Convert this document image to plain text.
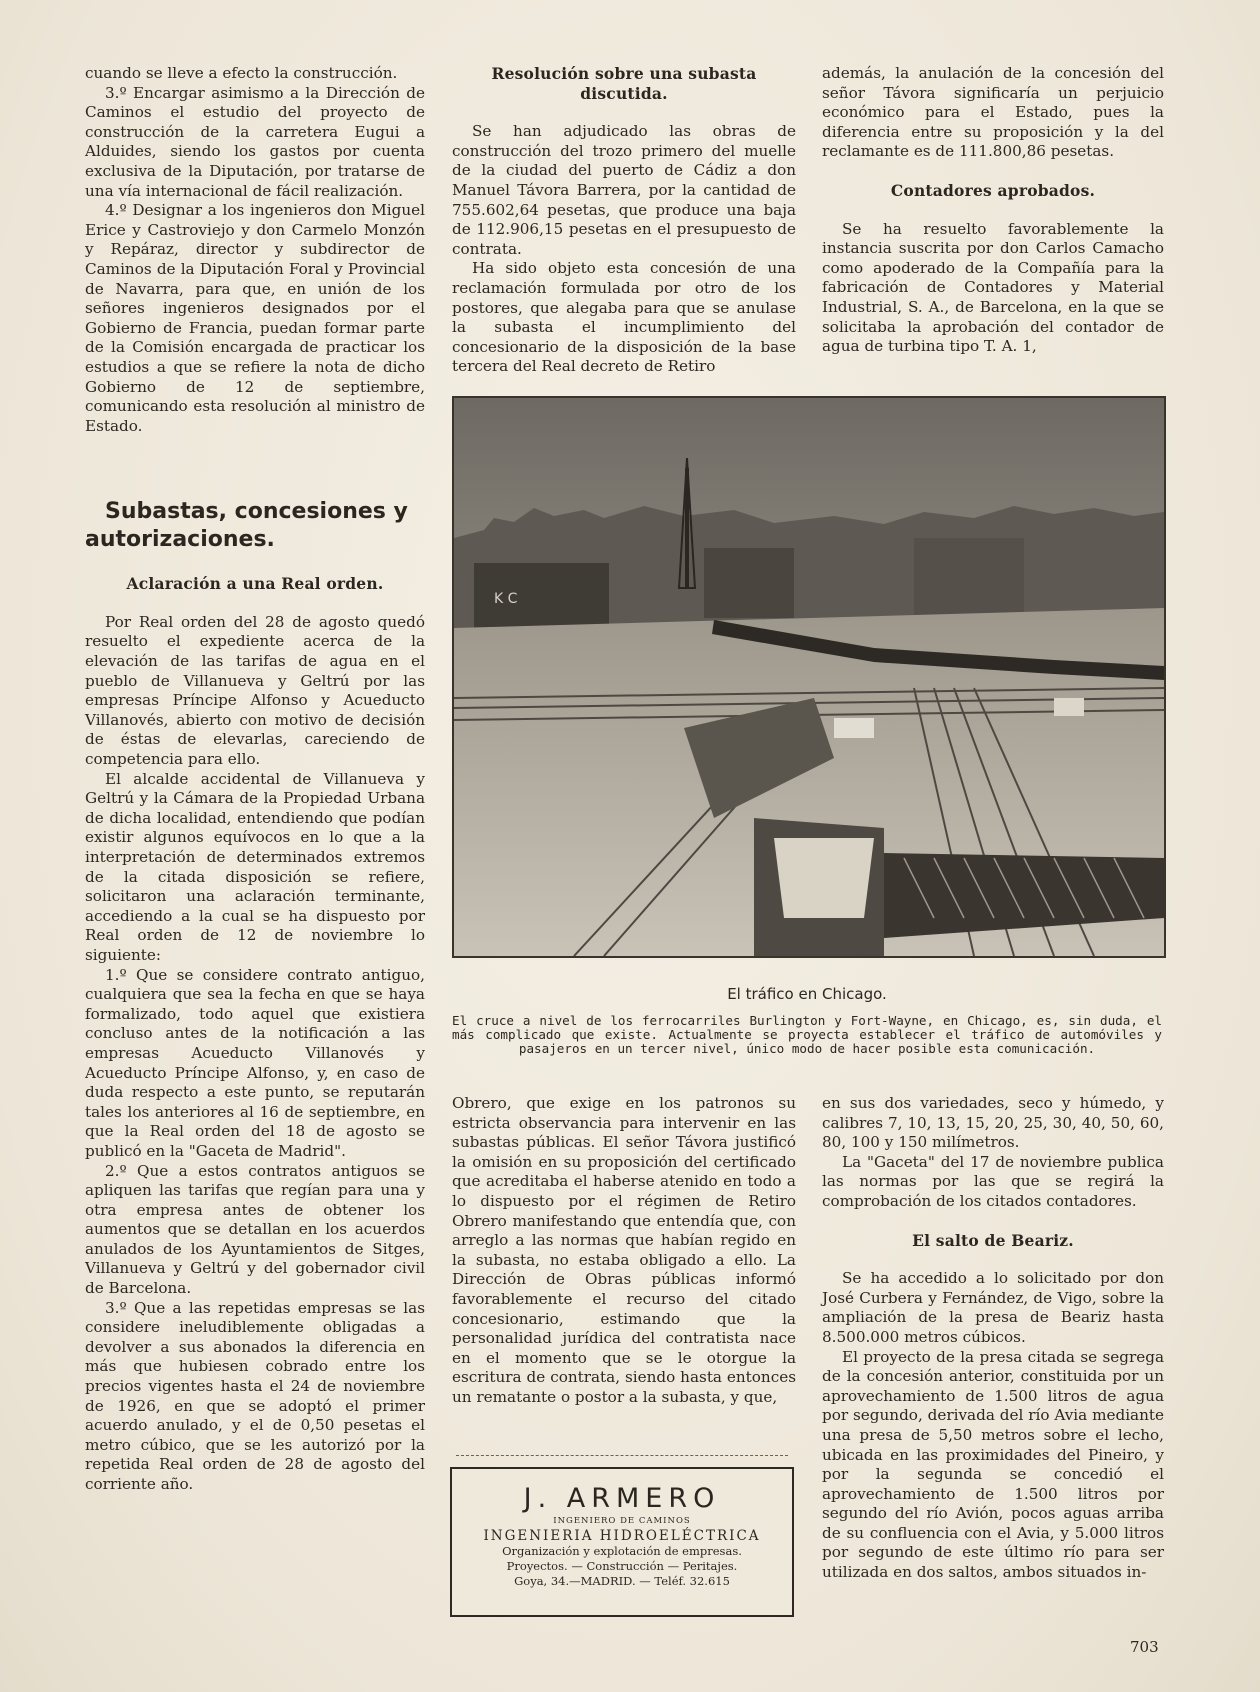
cuando se lleve a efecto la construcción.

3.º Encargar asimismo a la Dirección de Caminos el estudio del proyecto de construcción de la carretera Eugui a Alduides, siendo los gastos por cuenta exclusiva de la Diputación, por tratarse de una vía internacional de fácil realización.

4.º Designar a los ingenieros don Miguel Erice y Castroviejo y don Carmelo Monzón y Repáraz, director y subdirector de Caminos de la Diputación Foral y Provincial de Navarra, para que, en unión de los señores ingenieros designados por el Gobierno de Francia, puedan formar parte de la Comisión encargada de practicar los estudios a que se refiere la nota de dicho Gobierno de 12 de septiembre, comunicando esta resolución al ministro de Estado.

Subastas, concesiones y autorizaciones.

Aclaración a una Real orden.

Por Real orden del 28 de agosto quedó resuelto el expediente acerca de la elevación de las tarifas de agua en el pueblo de Villanueva y Geltrú por las empresas Príncipe Alfonso y Acueducto Villanovés, abierto con motivo de decisión de éstas de elevarlas, careciendo de competencia para ello.

El alcalde accidental de Villanueva y Geltrú y la Cámara de la Propiedad Urbana de dicha localidad, entendiendo que podían existir algunos equívocos en lo que a la interpretación de determinados extremos de la citada disposición se refiere, solicitaron una aclaración terminante, accediendo a la cual se ha dispuesto por Real orden de 12 de noviembre lo siguiente:

1.º Que se considere contrato antiguo, cualquiera que sea la fecha en que se haya formalizado, todo aquel que existiera concluso antes de la notificación a las empresas Acueducto Villanovés y Acueducto Príncipe Alfonso, y, en caso de duda respecto a este punto, se reputarán tales los anteriores al 16 de septiembre, en que la Real orden del 18 de agosto se publicó en la "Gaceta de Madrid".

2.º Que a estos contratos antiguos se apliquen las tarifas que regían para una y otra empresa antes de obtener los aumentos que se detallan en los acuerdos anulados de los Ayuntamientos de Sitges, Villanueva y Geltrú y del gobernador civil de Barcelona.

3.º Que a las repetidas empresas se las considere ineludiblemente obligadas a devolver a sus abonados la diferencia en más que hubiesen cobrado entre los precios vigentes hasta el 24 de noviembre de 1926, en que se adoptó el primer acuerdo anulado, y el de 0,50 pesetas el metro cúbico, que se les autorizó por la repetida Real orden de 28 de agosto del corriente año.

Resolución sobre una subasta discutida.

Se han adjudicado las obras de construcción del trozo primero del muelle de la ciudad del puerto de Cádiz a don Manuel Távora Barrera, por la cantidad de 755.602,64 pesetas, que produce una baja de 112.906,15 pesetas en el presupuesto de contrata.

Ha sido objeto esta concesión de una reclamación formulada por otro de los postores, que alegaba para que se anulase la subasta el incumplimiento del concesionario de la disposición de la base tercera del Real decreto de Retiro

además, la anulación de la concesión del señor Távora significaría un perjuicio económico para el Estado, pues la diferencia entre su proposición y la del reclamante es de 111.800,86 pesetas.

Contadores aprobados.

Se ha resuelto favorablemente la instancia suscrita por don Carlos Camacho como apoderado de la Compañía para la fabricación de Contadores y Material Industrial, S. A., de Barcelona, en la que se solicitaba la aprobación del contador de agua de turbina tipo T. A. 1,

K C
El tráfico en Chicago.
El cruce a nivel de los ferrocarriles Burlington y Fort-Wayne, en Chicago, es, sin duda, el más complicado que existe. Actualmente se proyecta establecer el tráfico de automóviles y pasajeros en un tercer nivel, único modo de hacer posible esta comunicación.

Obrero, que exige en los patronos su estricta observancia para intervenir en las subastas públicas. El señor Távora justificó la omisión en su proposición del certificado que acreditaba el haberse atenido en todo a lo dispuesto por el régimen de Retiro Obrero manifestando que entendía que, con arreglo a las normas que habían regido en la subasta, no estaba obligado a ello. La Dirección de Obras públicas informó favorablemente el recurso del citado concesionario, estimando que la personalidad jurídica del contratista nace en el momento que se le otorgue la escritura de contrata, siendo hasta entonces un rematante o postor a la subasta, y que,

en sus dos variedades, seco y húmedo, y calibres 7, 10, 13, 15, 20, 25, 30, 40, 50, 60, 80, 100 y 150 milímetros.

La "Gaceta" del 17 de noviembre publica las normas por las que se regirá la comprobación de los citados contadores.

El salto de Beariz.

Se ha accedido a lo solicitado por don José Curbera y Fernández, de Vigo, sobre la ampliación de la presa de Beariz hasta 8.500.000 metros cúbicos.

El proyecto de la presa citada se segrega de la concesión anterior, constituida por un aprovechamiento de 1.500 litros de agua por segundo, derivada del río Avia mediante una presa de 5,50 metros sobre el lecho, ubicada en las proximidades del Pineiro, y por la segunda se concedió el aprovechamiento de 1.500 litros por segundo del río Avión, pocos aguas arriba de su confluencia con el Avia, y 5.000 litros por segundo de este último río para ser utilizada en dos saltos, ambos situados in-

J. ARMERO
INGENIERO DE CAMINOS
INGENIERIA HIDROELÉCTRICA
Organización y explotación de empresas.
Proyectos. — Construcción — Peritajes.
Goya, 34.—MADRID. — Teléf. 32.615
703
